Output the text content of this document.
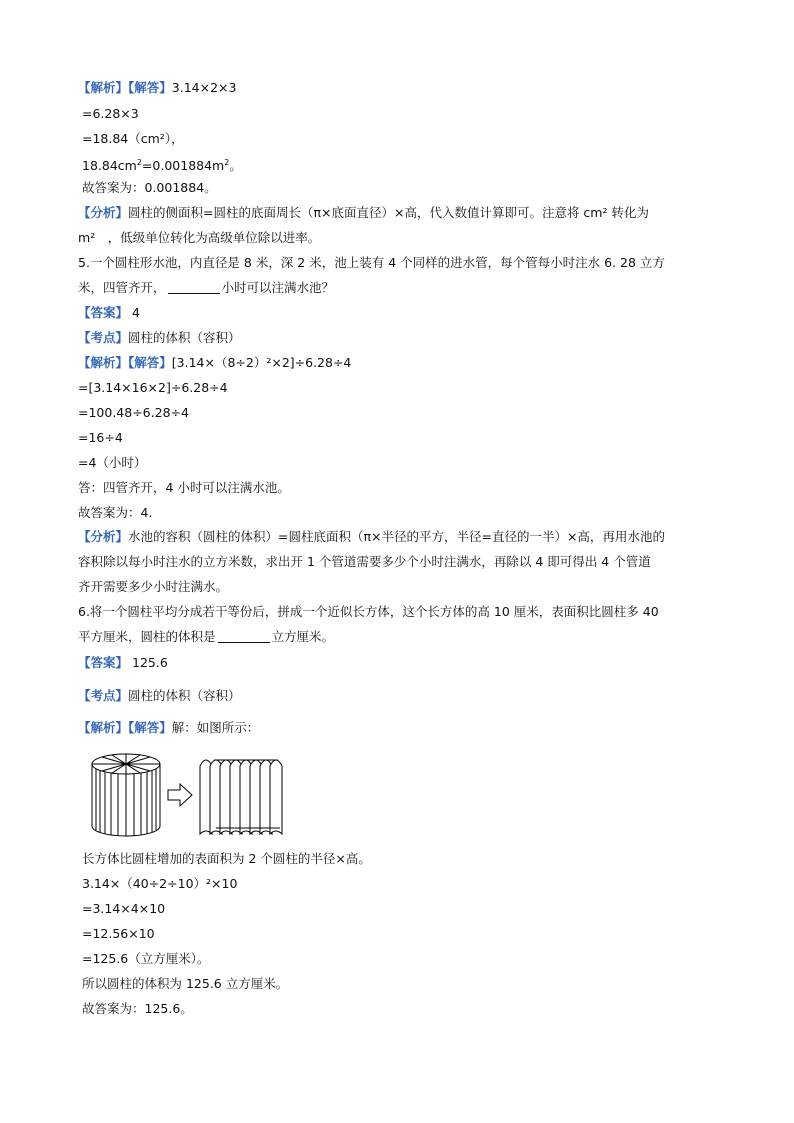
【解析】【解答】3.14×2×3
=6.28×3
=18.84（cm²），
$18.84cm^2=0.001884m^2$。
故答案为：0.001884。
【分析】圆柱的侧面积=圆柱的底面周长（π×底面直径）×高，代入数值计算即可。注意将 cm² 转化为
m²　，低级单位转化为高级单位除以进率。
5.一个圆柱形水池，内直径是 8 米，深 2 米，池上装有 4 个同样的进水管，每个管每小时注水 6. 28 立方
米，四管齐开，	小时可以注满水池？
【答案】 4
【考点】圆柱的体积（容积）
【解析】【解答】[3.14×（8÷2）²×2]÷6.28÷4
=[3.14×16×2]÷6.28÷4
=100.48÷6.28÷4
=16÷4
=4（小时）
答：四管齐开，4 小时可以注满水池。
故答案为：4.
【分析】水池的容积（圆柱的体积）=圆柱底面积（π×半径的平方，半径=直径的一半）×高，再用水池的
容积除以每小时注水的立方米数，求出开 1 个管道需要多少个小时注满水，再除以 4 即可得出 4 个管道
齐开需要多少小时注满水。
6.将一个圆柱平均分成若干等份后，拼成一个近似长方体，这个长方体的高 10 厘米，表面积比圆柱多 40
平方厘米，圆柱的体积是	立方厘米。
【答案】 125.6
【考点】圆柱的体积（容积）
【解析】【解答】解：如图所示：
长方体比圆柱增加的表面积为 2 个圆柱的半径×高。
3.14×（40÷2÷10）²×10
=3.14×4×10
=12.56×10
=125.6（立方厘米）。
所以圆柱的体积为 125.6 立方厘米。
故答案为：125.6。
